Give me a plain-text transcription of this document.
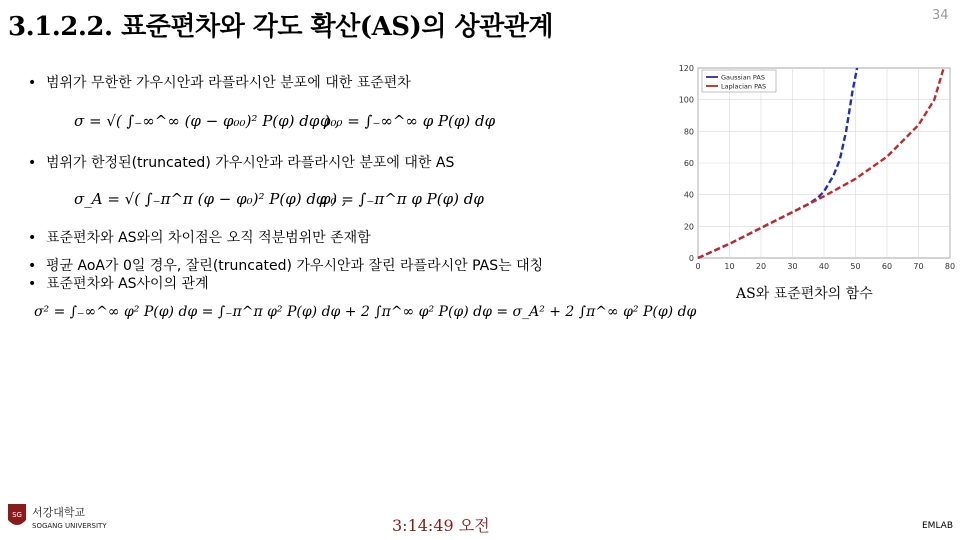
3.1.2.2. 표준편차와 각도 확산(AS)의 상관관계	34
• 범위가 무한한 가우시안과 라플라시안 분포에 대한 표준편차
• 범위가 한정된(truncated) 가우시안과 라플라시안 분포에 대한 AS
• 표준편차와 AS와의 차이점은 오직 적분범위만 존재함
• 평균 AoA가 0일 경우, 잘린(truncated) 가우시안과 잘린 라플라시안 PAS는 대칭
• 표준편차와 AS사이의 관계
σ = √( ∫₋∞^∞ (φ − φ₀₀)² P(φ) dφ ) ,
φ₀₀ = ∫₋∞^∞ φ P(φ) dφ
σ_A = √( ∫₋π^π (φ − φ₀)² P(φ) dφ ) ,
φ₀ = ∫₋π^π φ P(φ) dφ
σ² = ∫₋∞^∞ φ² P(φ) dφ = ∫₋π^π φ² P(φ) dφ + 2 ∫π^∞ φ² P(φ) dφ = σ_A² + 2 ∫π^∞ φ² P(φ) dφ
0	10	20	30	40	50	60	70	80
0
20
40
60
80
100
120
Gaussian PAS
Laplacian PAS
AS와 표준편차의 함수
SG 서강대학교
SOGANG UNIVERSITY	3:14:49 오전	EMLAB
